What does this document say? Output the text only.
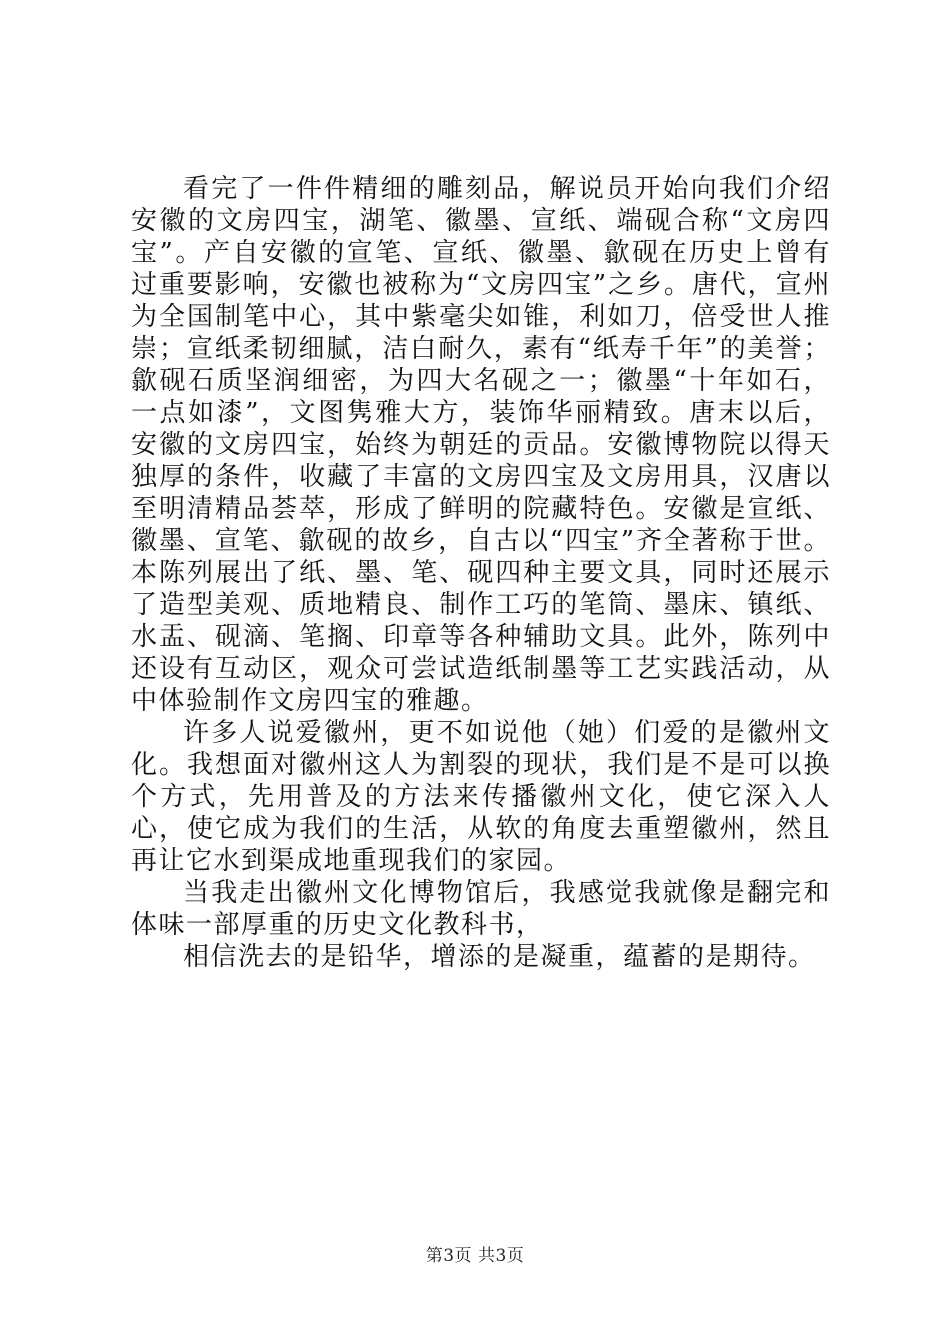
看完了一件件精细的雕刻品，解说员开始向我们介绍安徽的文房四宝，湖笔、徽墨、宣纸、端砚合称“文房四宝”。产自安徽的宣笔、宣纸、徽墨、歙砚在历史上曾有过重要影响，安徽也被称为“文房四宝”之乡。唐代，宣州为全国制笔中心，其中紫毫尖如锥，利如刀，倍受世人推崇；宣纸柔韧细腻，洁白耐久，素有“纸寿千年”的美誉；歙砚石质坚润细密，为四大名砚之一；徽墨“十年如石，一点如漆”，文图隽雅大方，装饰华丽精致。唐末以后，安徽的文房四宝，始终为朝廷的贡品。安徽博物院以得天独厚的条件，收藏了丰富的文房四宝及文房用具，汉唐以至明清精品荟萃，形成了鲜明的院藏特色。安徽是宣纸、徽墨、宣笔、歙砚的故乡，自古以“四宝”齐全著称于世。本陈列展出了纸、墨、笔、砚四种主要文具，同时还展示了造型美观、质地精良、制作工巧的笔筒、墨床、镇纸、水盂、砚滴、笔搁、印章等各种辅助文具。此外，陈列中还设有互动区，观众可尝试造纸制墨等工艺实践活动，从中体验制作文房四宝的雅趣。

许多人说爱徽州，更不如说他（她）们爱的是徽州文化。我想面对徽州这人为割裂的现状，我们是不是可以换个方式，先用普及的方法来传播徽州文化，使它深入人心，使它成为我们的生活，从软的角度去重塑徽州，然且再让它水到渠成地重现我们的家园。

当我走出徽州文化博物馆后，我感觉我就像是翻完和体味一部厚重的历史文化教科书，

相信洗去的是铅华，增添的是凝重，蕴蓄的是期待。

第3页 共3页
